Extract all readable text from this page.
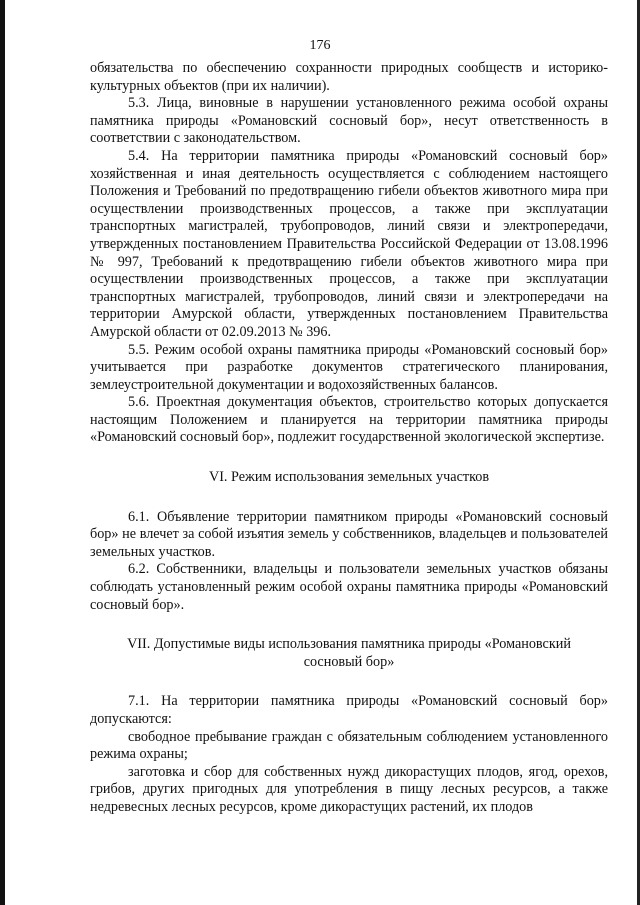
176

обязательства по обеспечению сохранности природных сообществ и историко-культурных объектов (при их наличии).

5.3. Лица, виновные в нарушении установленного режима особой охраны памятника природы «Романовский сосновый бор», несут ответственность в соответствии с законодательством.

5.4. На территории памятника природы «Романовский сосновый бор» хозяйственная и иная деятельность осуществляется с соблюдением настоящего Положения и Требований по предотвращению гибели объектов животного мира при осуществлении производственных процессов, а также при эксплуатации транспортных магистралей, трубопроводов, линий связи и электропередачи, утвержденных постановлением Правительства Российской Федерации от 13.08.1996 № 997, Требований к предотвращению гибели объектов животного мира при осуществлении производственных процессов, а также при эксплуатации транспортных магистралей, трубопроводов, линий связи и электропередачи на территории Амурской области, утвержденных постановлением Правительства Амурской области от 02.09.2013 № 396.

5.5. Режим особой охраны памятника природы «Романовский сосновый бор» учитывается при разработке документов стратегического планирования, землеустроительной документации и водохозяйственных балансов.

5.6. Проектная документация объектов, строительство которых допускается настоящим Положением и планируется на территории памятника природы «Романовский сосновый бор», подлежит государственной экологической экспертизе.

VI. Режим использования земельных участков

6.1. Объявление территории памятником природы «Романовский сосновый бор» не влечет за собой изъятия земель у собственников, владельцев и пользователей земельных участков.

6.2. Собственники, владельцы и пользователи земельных участков обязаны соблюдать установленный режим особой охраны памятника природы «Романовский сосновый бор».

VII. Допустимые виды использования памятника природы «Романовский

сосновый бор»

7.1. На территории памятника природы «Романовский сосновый бор» допускаются:

свободное пребывание граждан с обязательным соблюдением установленного режима охраны;

заготовка и сбор для собственных нужд дикорастущих плодов, ягод, орехов, грибов, других пригодных для употребления в пищу лесных ресурсов, а также недревесных лесных ресурсов, кроме дикорастущих растений, их плодов
